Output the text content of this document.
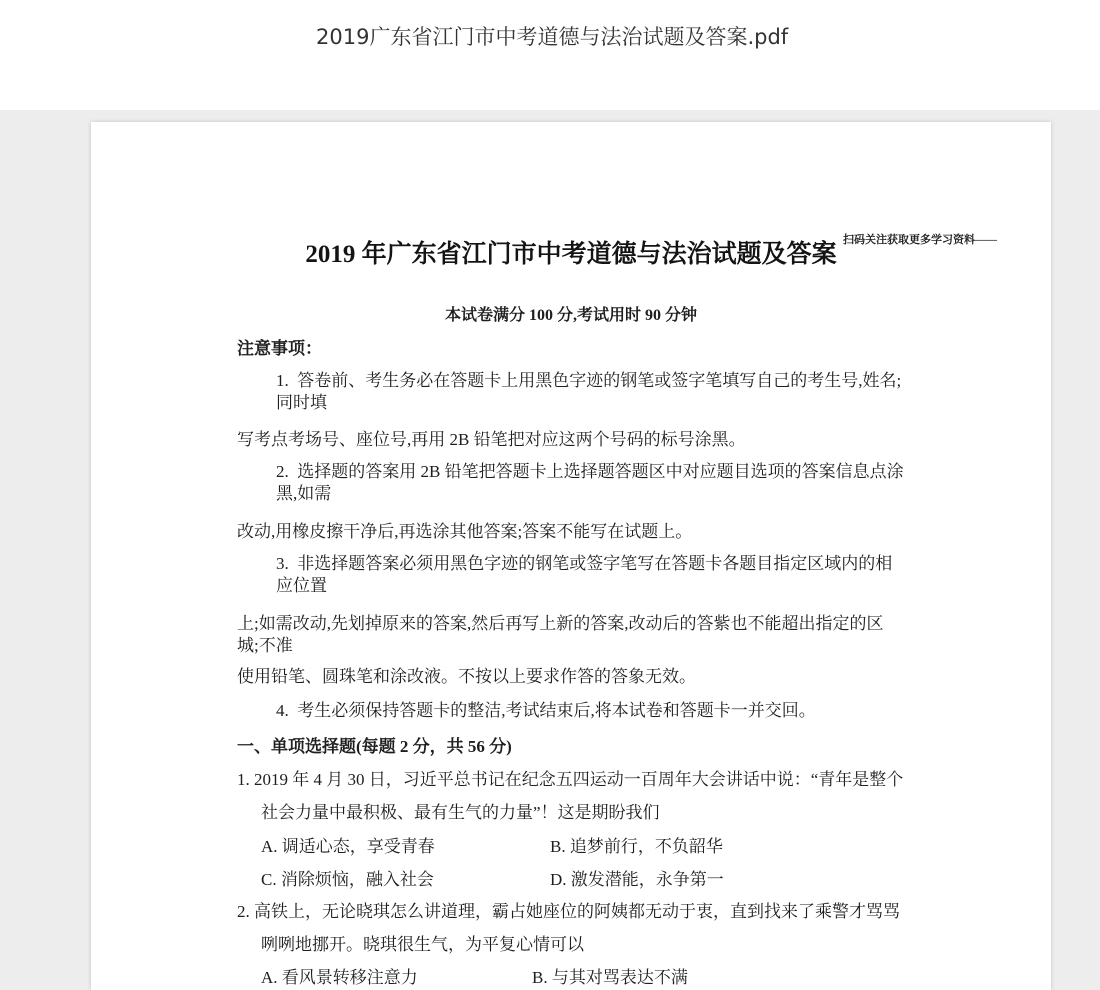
2019广东省江门市中考道德与法治试题及答案.pdf
扫码关注获取更多学习资料——
2019 年广东省江门市中考道德与法治试题及答案
本试卷满分 100 分,考试用时 90 分钟
注意事项：
1.  答卷前、考生务必在答题卡上用黑色字迹的钢笔或签字笔填写自己的考生号,姓名;
同时填
写考点考场号、座位号,再用 2B 铅笔把对应这两个号码的标号涂黑。
2.  选择题的答案用 2B 铅笔把答题卡上选择题答题区中对应题目选项的答案信息点涂
黑,如需
改动,用橡皮擦干净后,再选涂其他答案;答案不能写在试题上。
3.  非选择题答案必须用黑色字迹的钢笔或签字笔写在答题卡各题目指定区域内的相
应位置
上;如需改动,先划掉原来的答案,然后再写上新的答案,改动后的答紫也不能超出指定的区
城;不准
使用铅笔、圆珠笔和涂改液。不按以上要求作答的答象无效。
4.  考生必须保持答题卡的整洁,考试结束后,将本试卷和答题卡一并交回。
一、单项选择题(每题 2 分，共 56 分)
1. 2019 年 4 月 30 日，习近平总书记在纪念五四运动一百周年大会讲话中说：“青年是整个
社会力量中最积极、最有生气的力量”！这是期盼我们
A. 调适心态，享受青春	B. 追梦前行，不负韶华
C. 消除烦恼，融入社会	D. 激发潜能，永争第一
2. 高铁上，无论晓琪怎么讲道理，霸占她座位的阿姨都无动于衷，直到找来了乘警才骂骂
咧咧地挪开。晓琪很生气，为平复心情可以
A. 看风景转移注意力	B. 与其对骂表达不满
